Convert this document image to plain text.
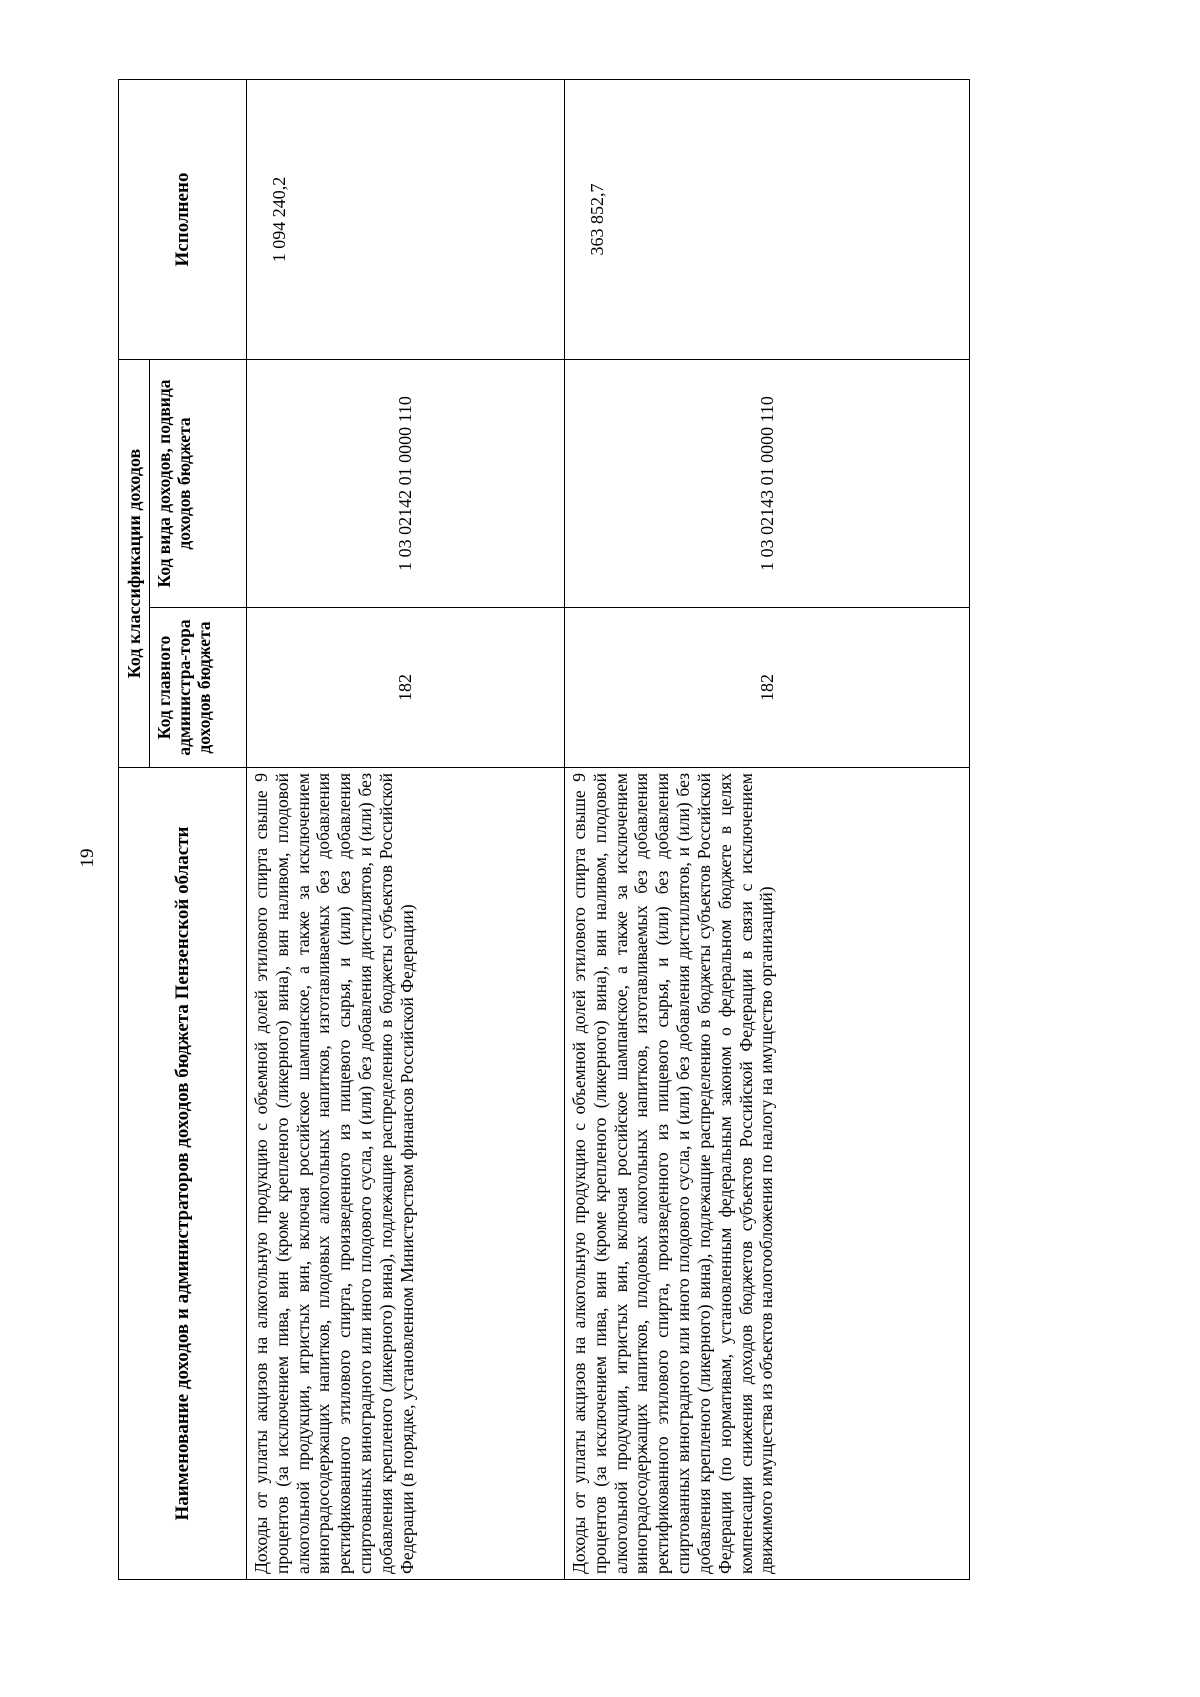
19	Наименование доходов и администраторов доходов бюджета Пензенской области	Код классификации доходов		Исполнено
	Код главного администра-тора доходов бюджета	Код вида доходов, подвида доходов бюджета	
Доходы от уплаты акцизов на алкогольную продукцию с объемной долей этилового спирта свыше 9 процентов (за исключением пива, вин (кроме крепленого (ликерного) вина), вин наливом, плодовой алкогольной продукции, игристых вин, включая российское шампанское, а также за исключением виноградосодержащих напитков, плодовых алкогольных напитков, изготавливаемых без добавления ректификованного этилового спирта, произведенного из пищевого сырья, и (или) без добавления спиртованных виноградного или иного плодового сусла, и (или) без добавления дистиллятов, и (или) без добавления крепленого (ликерного) вина), подлежащие распределению в бюджеты субъектов Российской Федерации (в порядке, установленном Министерством финансов Российской Федерации)	182	1 03 02142 01 0000 110	1 094 240,2
Доходы от уплаты акцизов на алкогольную продукцию с объемной долей этилового спирта свыше 9 процентов (за исключением пива, вин (кроме крепленого (ликерного) вина), вин наливом, плодовой алкогольной продукции, игристых вин, включая российское шампанское, а также за исключением виноградосодержащих напитков, плодовых алкогольных напитков, изготавливаемых без добавления ректификованного этилового спирта, произведенного из пищевого сырья, и (или) без добавления спиртованных виноградного или иного плодового сусла, и (или) без добавления дистиллятов, и (или) без добавления крепленого (ликерного) вина), подлежащие распределению в бюджеты субъектов Российской Федерации (по нормативам, установленным федеральным законом о федеральном бюджете в целях компенсации снижения доходов бюджетов субъектов Российской Федерации в связи с исключением движимого имущества из объектов налогообложения по налогу на имущество организаций)	182	1 03 02143 01 0000 110	363 852,7
